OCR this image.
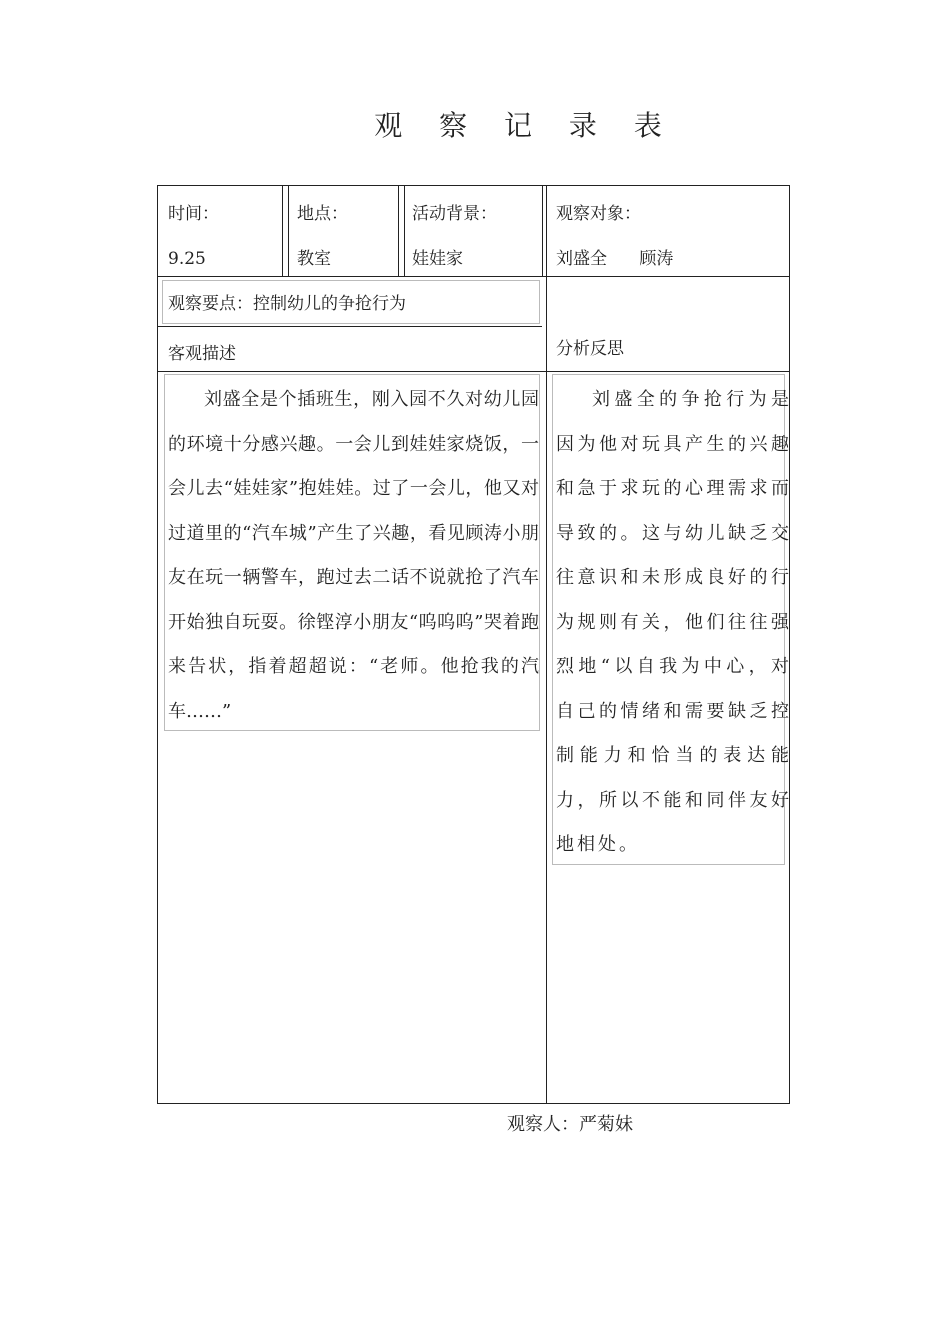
观 察 记 录 表
时间：
9.25
地点：
教室
活动背景：
娃娃家
观察对象：
刘盛全      顾涛
观察要点：控制幼儿的争抢行为
客观描述	分析反思

刘盛全是个插班生，刚入园不久对幼儿园的环境十分感兴趣。一会儿到娃娃家烧饭，一会儿去“娃娃家”抱娃娃。过了一会儿，他又对过道里的“汽车城”产生了兴趣，看见顾涛小朋友在玩一辆警车，跑过去二话不说就抢了汽车开始独自玩耍。徐铿淳小朋友“呜呜呜”哭着跑来告状，指着超超说：“老师。他抢我的汽车……”

刘盛全的争抢行为是因为他对玩具产生的兴趣和急于求玩的心理需求而导致的。这与幼儿缺乏交往意识和未形成良好的行为规则有关，他们往往强烈地“以自我为中心，对自己的情绪和需要缺乏控制能力和恰当的表达能力，所以不能和同伴友好地相处。

观察人：严菊妹
